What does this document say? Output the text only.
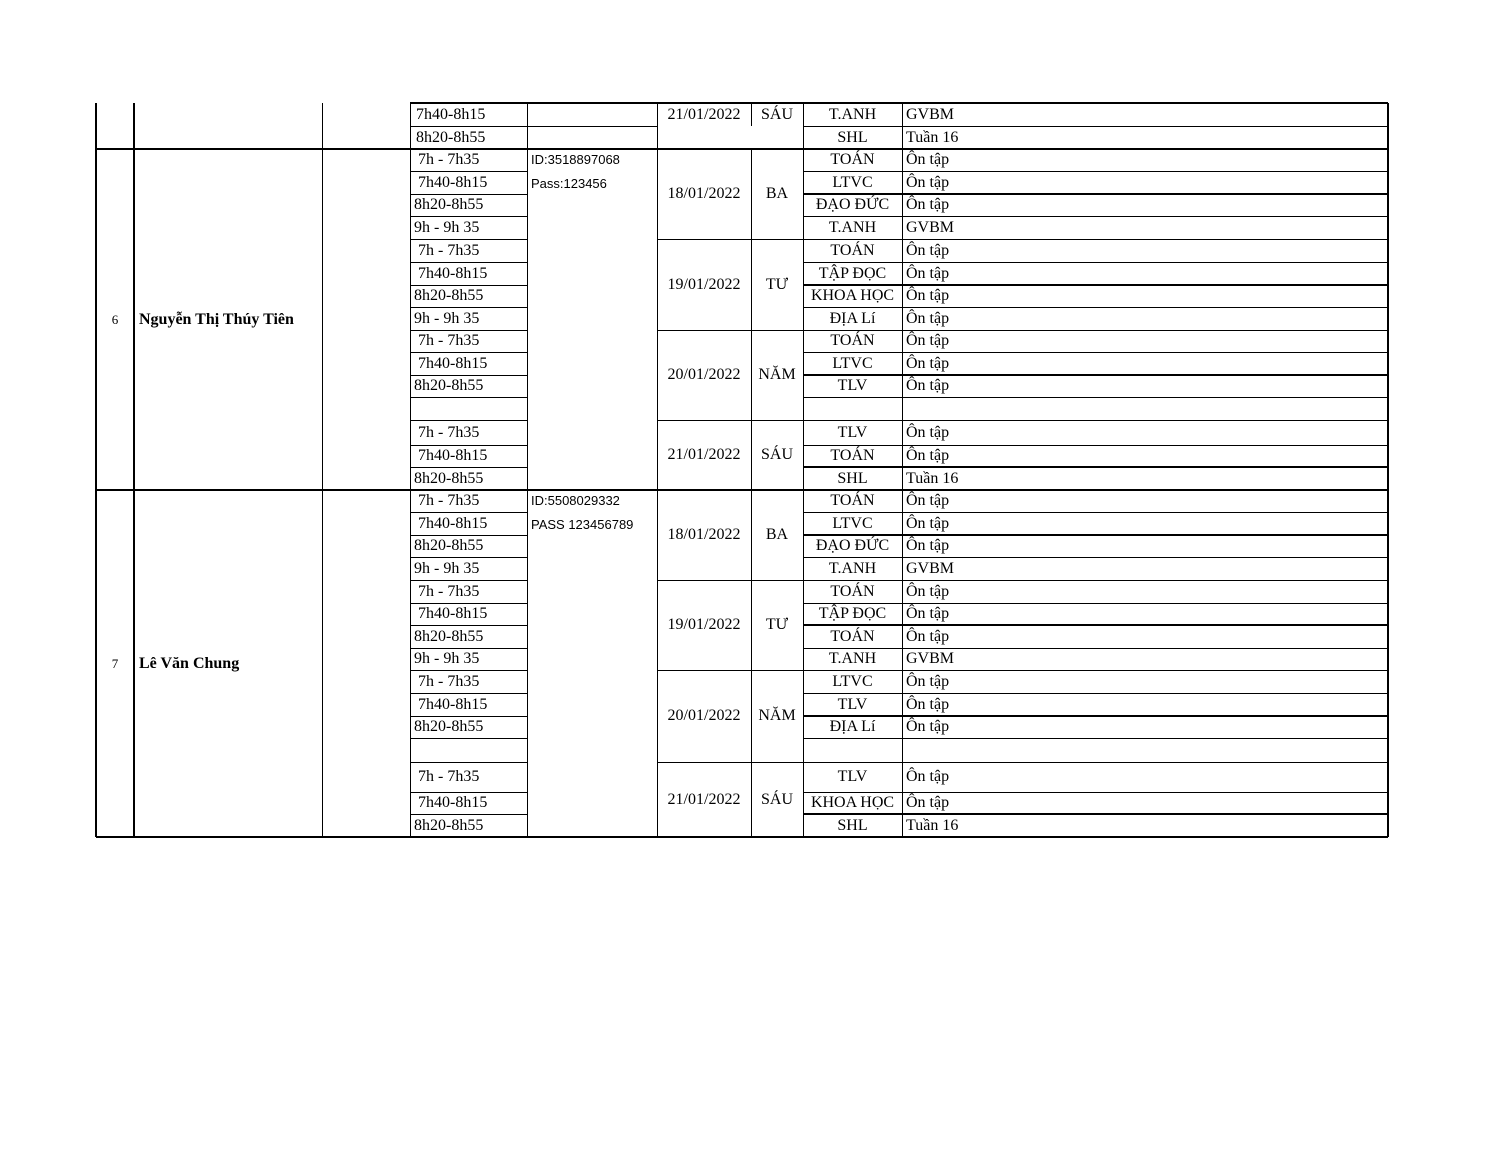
7h40-8h15	T.ANH	GVBM
8h20-8h55	SHL	Tuần 16
21/01/2022	SÁU
6	Nguyễn Thị Thúy Tiên
ID:3518897068
Pass:123456
18/01/2022	BA
7h - 7h35	TOÁN	Ôn tập
7h40-8h15	LTVC	Ôn tập
8h20-8h55	ĐẠO ĐỨC	Ôn tập
9h - 9h 35	T.ANH	GVBM
19/01/2022	TƯ
7h - 7h35	TOÁN	Ôn tập
7h40-8h15	TẬP ĐỌC	Ôn tập
8h20-8h55	KHOA HỌC Ôn tập
9h - 9h 35	ĐỊA Lí	Ôn tập
20/01/2022	NĂM
7h - 7h35	TOÁN	Ôn tập
7h40-8h15	LTVC	Ôn tập
8h20-8h55	TLV	Ôn tập
21/01/2022	SÁU
7h - 7h35	TLV	Ôn tập
7h40-8h15	TOÁN	Ôn tập
8h20-8h55	SHL	Tuần 16
7	Lê Văn Chung
ID:5508029332
PASS 123456789
18/01/2022	BA
7h - 7h35	TOÁN	Ôn tập
7h40-8h15	LTVC	Ôn tập
8h20-8h55	ĐẠO ĐỨC	Ôn tập
9h - 9h 35	T.ANH	GVBM
19/01/2022	TƯ
7h - 7h35	TOÁN	Ôn tập
7h40-8h15	TẬP ĐỌC	Ôn tập
8h20-8h55	TOÁN	Ôn tập
9h - 9h 35	T.ANH	GVBM
20/01/2022	NĂM
7h - 7h35	LTVC	Ôn tập
7h40-8h15	TLV	Ôn tập
8h20-8h55	ĐỊA Lí	Ôn tập
21/01/2022	SÁU
7h - 7h35	TLV	Ôn tập
7h40-8h15	KHOA HỌC Ôn tập
8h20-8h55	SHL	Tuần 16
